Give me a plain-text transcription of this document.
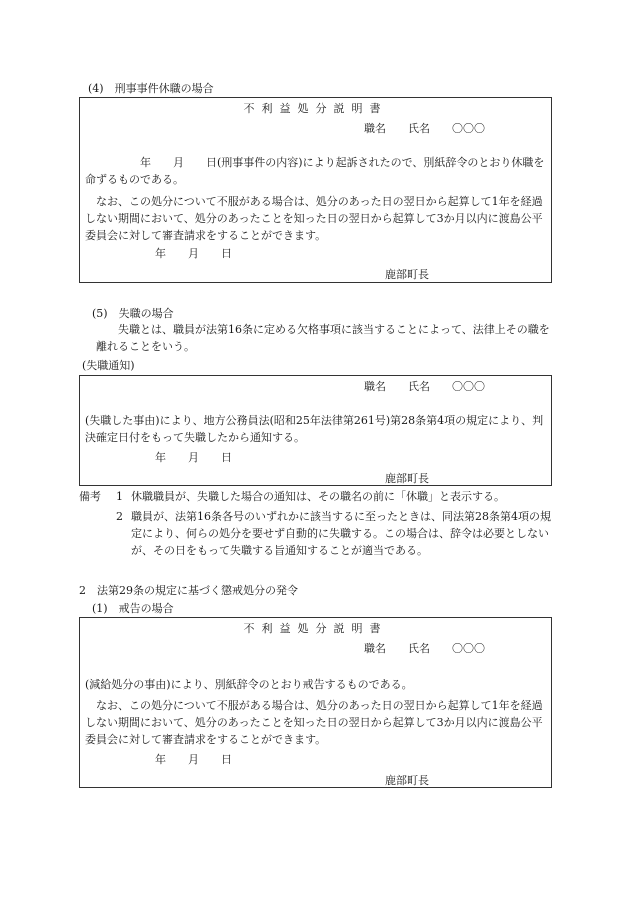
(4)　刑事事件休職の場合
不利益処分説明書
職名　　氏名　　〇〇〇
　　　　　年　　月　　日(刑事事件の内容)により起訴されたので、別紙辞令のとおり休職を命ずるものである。
　なお、この処分について不服がある場合は、処分のあった日の翌日から起算して1年を経過しない期間において、処分のあったことを知った日の翌日から起算して3か月以内に渡島公平委員会に対して審査請求をすることができます。
年　　月　　日
鹿部町長
(5)　失職の場合
　　失職とは、職員が法第16条に定める欠格事項に該当することによって、法律上その職を離れることをいう。
(失職通知)
職名　　氏名　　〇〇〇
(失職した事由)により、地方公務員法(昭和25年法律第261号)第28条第4項の規定により、判決確定日付をもって失職したから通知する。
年　　月　　日
鹿部町長
備考 1 休職職員が、失職した場合の通知は、その職名の前に「休職」と表示する。
2 職員が、法第16条各号のいずれかに該当するに至ったときは、同法第28条第4項の規定により、何らの処分を要せず自動的に失職する。この場合は、辞令は必要としないが、その日をもって失職する旨通知することが適当である。
2　法第29条の規定に基づく懲戒処分の発令
(1)　戒告の場合
不利益処分説明書
職名　　氏名　　〇〇〇
(減給処分の事由)により、別紙辞令のとおり戒告するものである。
　なお、この処分について不服がある場合は、処分のあった日の翌日から起算して1年を経過しない期間において、処分のあったことを知った日の翌日から起算して3か月以内に渡島公平委員会に対して審査請求をすることができます。
年　　月　　日
鹿部町長
